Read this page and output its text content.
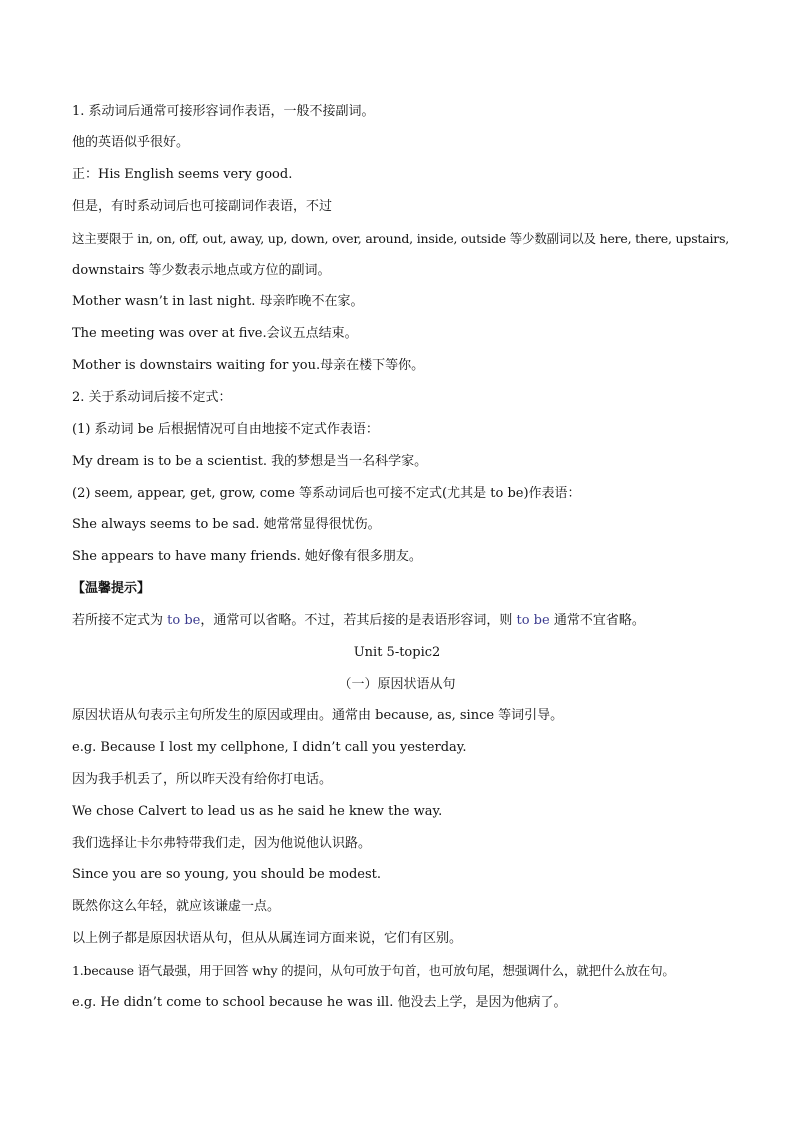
1. 系动词后通常可接形容词作表语，一般不接副词。
他的英语似乎很好。
正：His English seems very good.
但是，有时系动词后也可接副词作表语，不过
这主要限于 in, on, off, out, away, up, down, over, around, inside, outside 等少数副词以及 here, there, upstairs,
downstairs 等少数表示地点或方位的副词。
Mother wasn’t in last night. 母亲昨晚不在家。
The meeting was over at five.会议五点结束。
Mother is downstairs waiting for you.母亲在楼下等你。
2. 关于系动词后接不定式：
(1) 系动词 be 后根据情况可自由地接不定式作表语：
My dream is to be a scientist. 我的梦想是当一名科学家。
(2) seem, appear, get, grow, come 等系动词后也可接不定式(尤其是 to be)作表语：
She always seems to be sad. 她常常显得很忧伤。
She appears to have many friends. 她好像有很多朋友。
【温馨提示】
若所接不定式为 to be，通常可以省略。不过，若其后接的是表语形容词，则 to be 通常不宜省略。
Unit 5-topic2
（一）原因状语从句
原因状语从句表示主句所发生的原因或理由。通常由 because, as, since 等词引导。
e.g. Because I lost my cellphone, I didn’t call you yesterday.
因为我手机丢了，所以昨天没有给你打电话。
We chose Calvert to lead us as he said he knew the way.
我们选择让卡尔弗特带我们走，因为他说他认识路。
Since you are so young, you should be modest.
既然你这么年轻，就应该谦虚一点。
以上例子都是原因状语从句，但从从属连词方面来说，它们有区别。
1.because 语气最强，用于回答 why 的提问，从句可放于句首，也可放句尾，想强调什么，就把什么放在句。
e.g. He didn’t come to school because he was ill. 他没去上学，是因为他病了。
